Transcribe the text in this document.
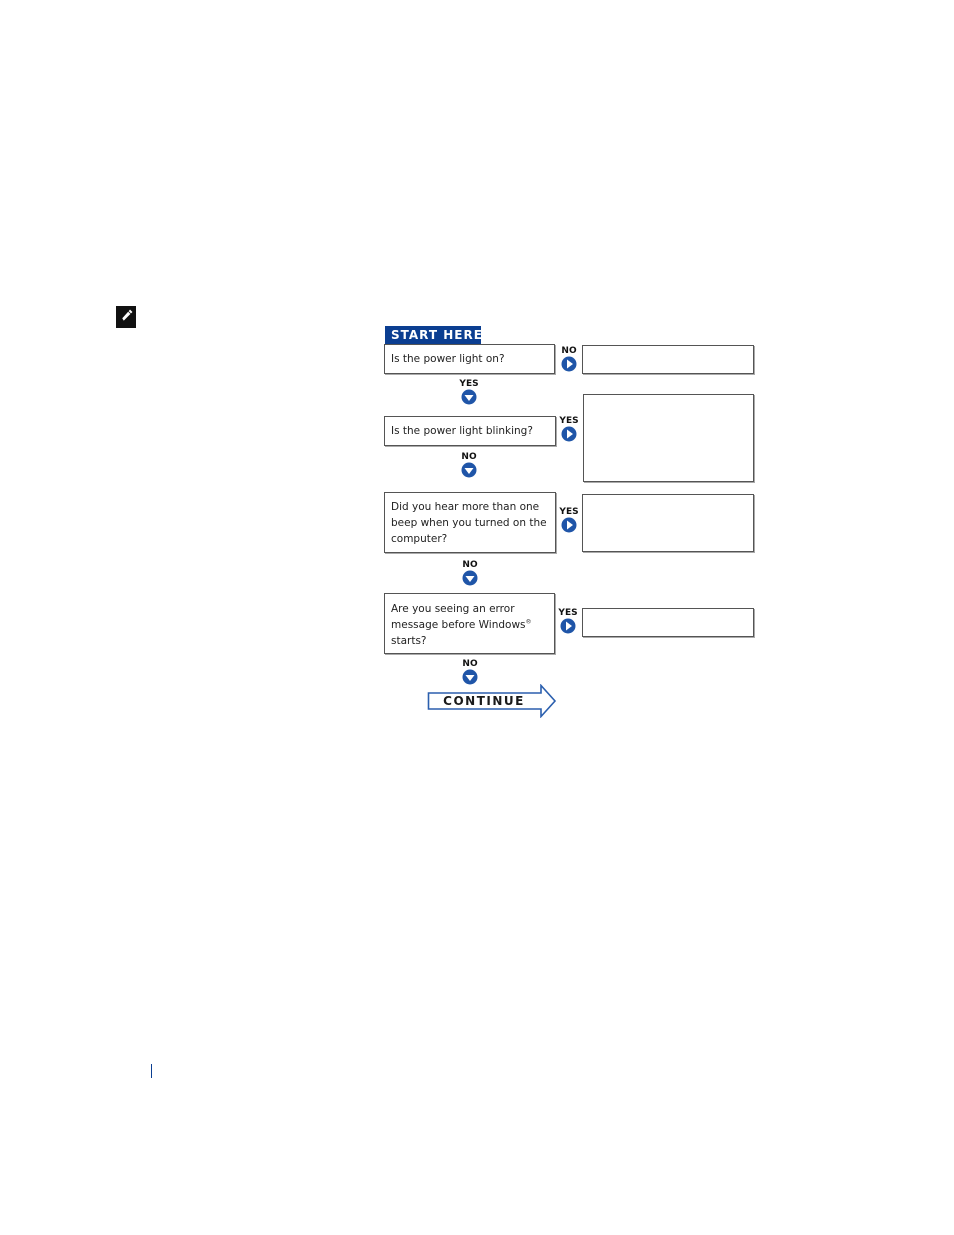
START HERE
Is the power light on?
NO
YES
Is the power light blinking?
YES
NO
Did you hear more than one beep when you turned on the computer?
YES
NO
Are you seeing an error message before Windows® starts?
YES
NO
CONTINUE
